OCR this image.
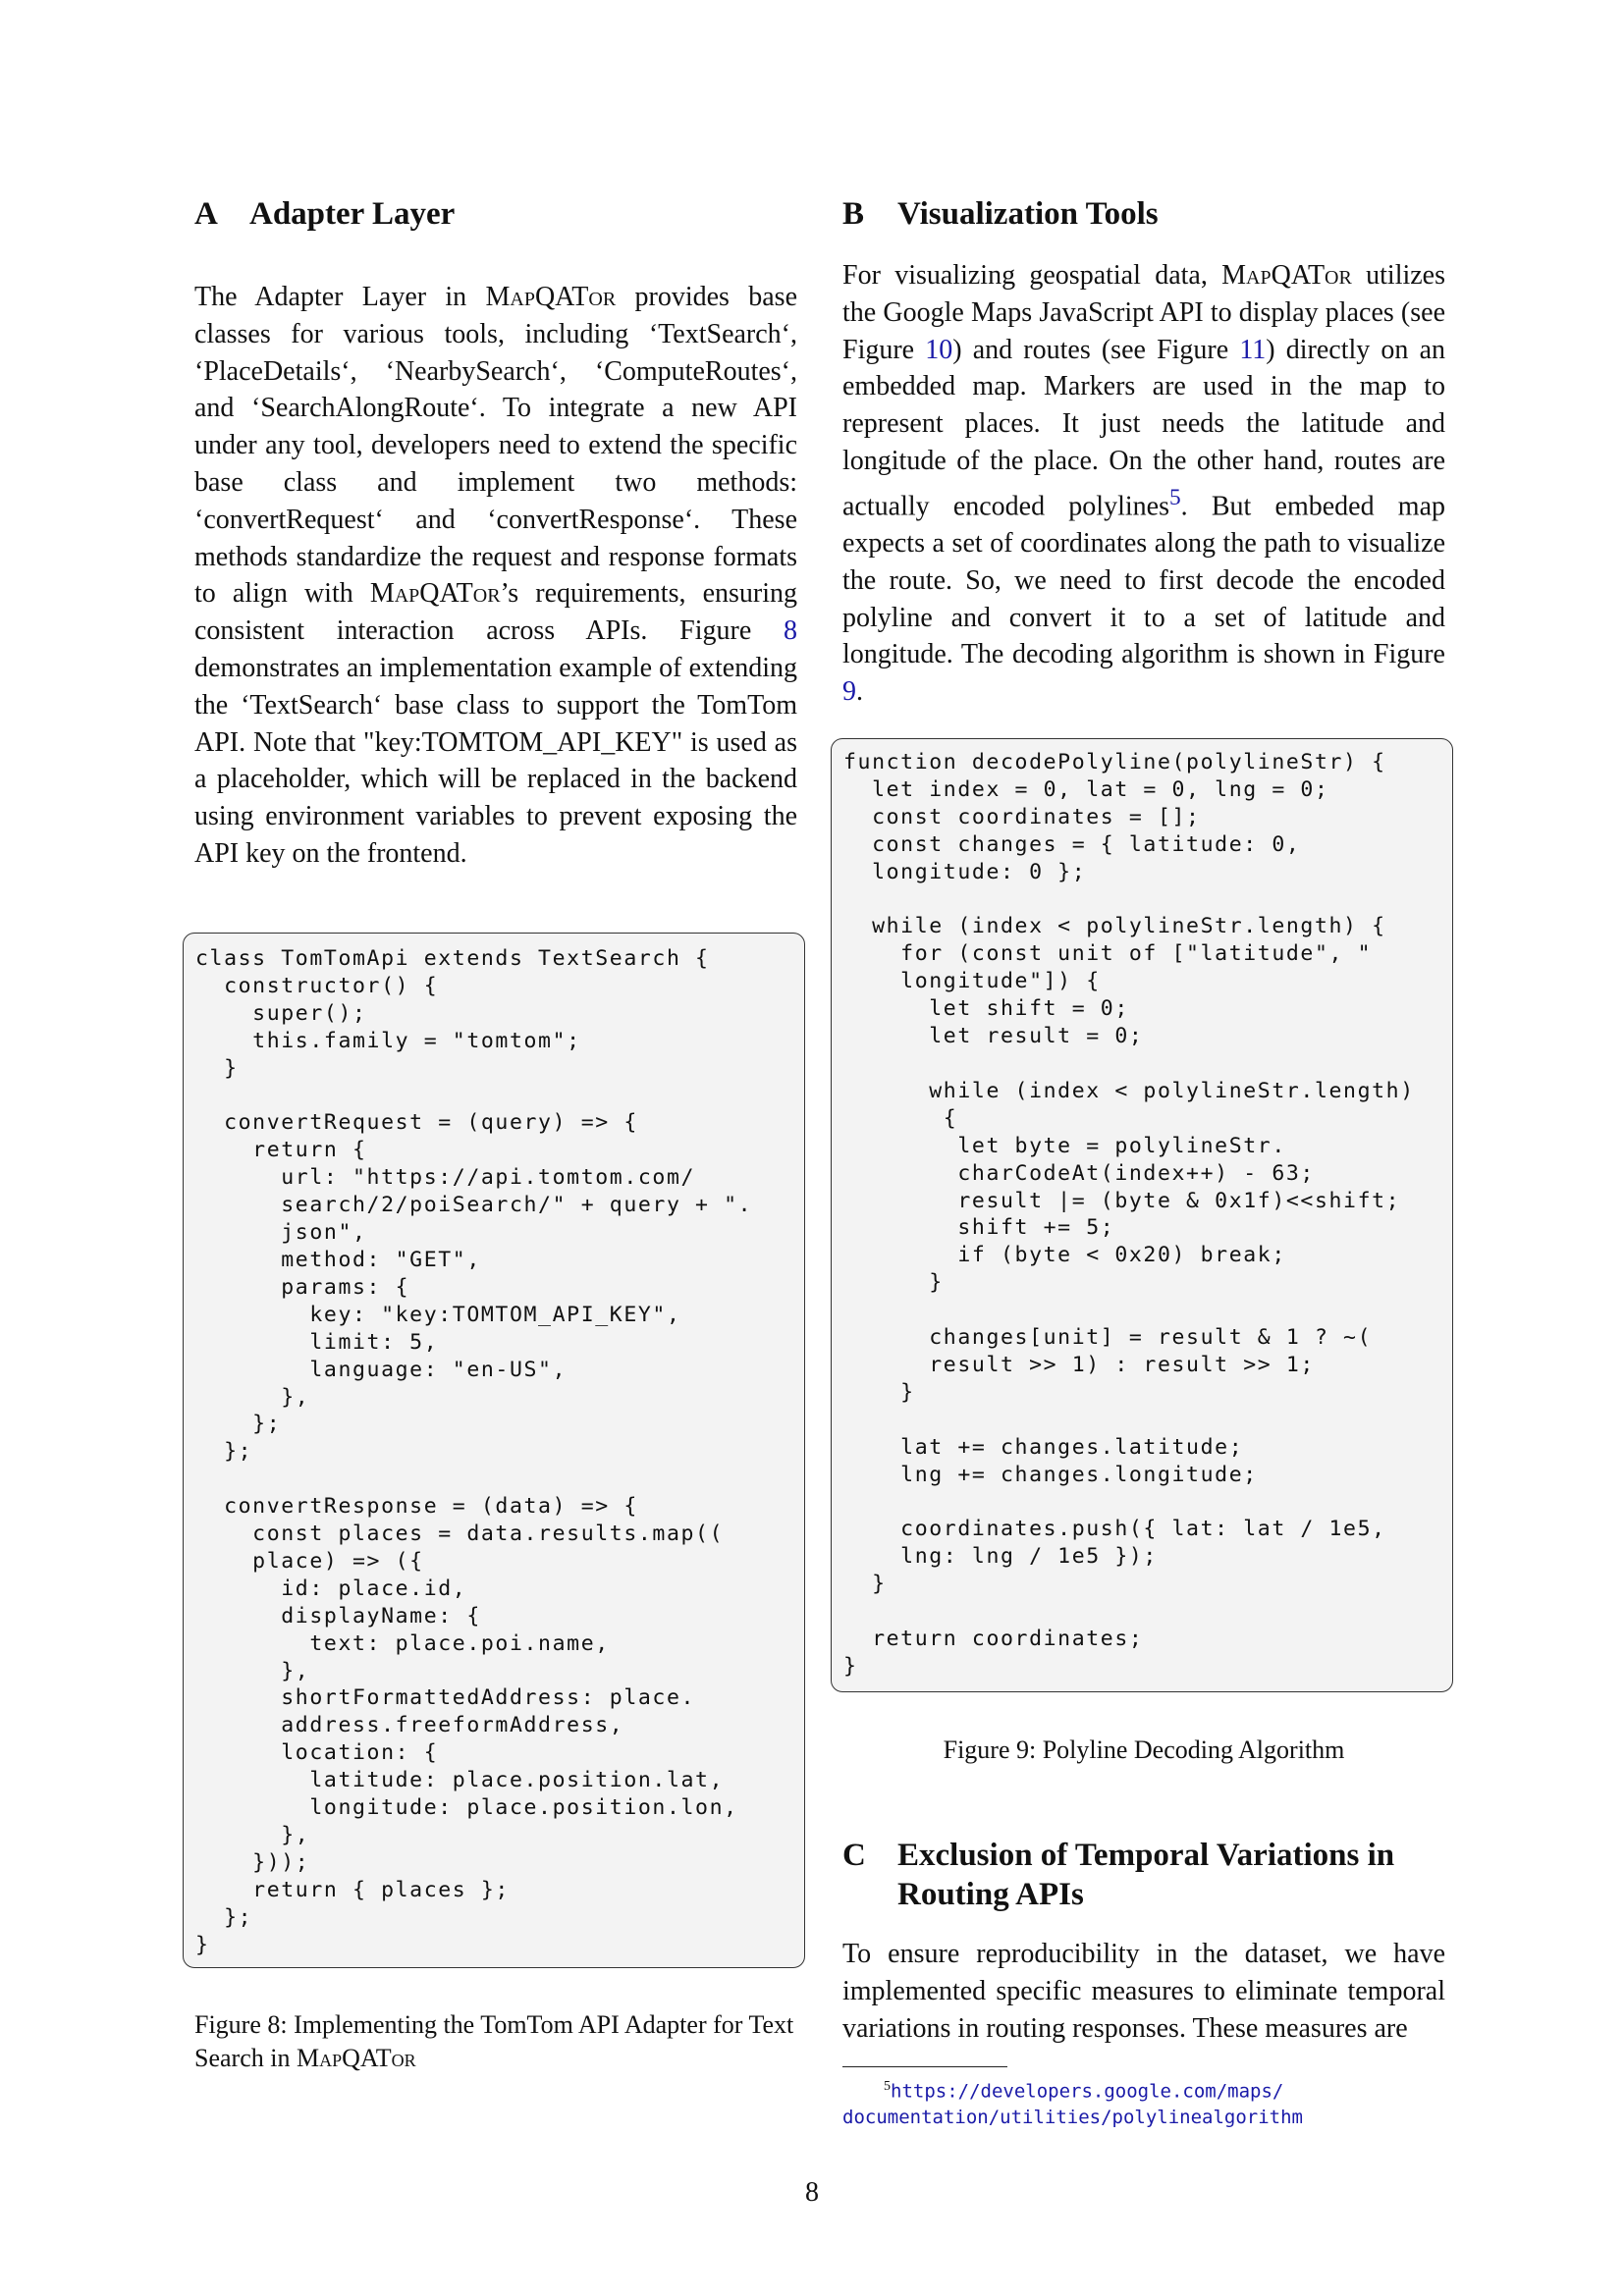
A Adapter Layer

The Adapter Layer in MapQATor provides base classes for various tools, including ‘TextSearch‘, ‘PlaceDetails‘, ‘NearbySearch‘, ‘ComputeRoutes‘, and ‘SearchAlongRoute‘. To integrate a new API under any tool, developers need to extend the specific base class and implement two methods: ‘convertRequest‘ and ‘convertResponse‘. These methods standardize the request and response formats to align with MapQATor’s requirements, ensuring consistent interaction across APIs. Figure 8 demonstrates an implementation example of extending the ‘TextSearch‘ base class to support the TomTom API. Note that "key:TOMTOM_API_KEY" is used as a placeholder, which will be replaced in the backend using environment variables to prevent exposing the API key on the frontend.

class TomTomApi extends TextSearch {
constructor() {
super();
this.family = "tomtom";
}

convertRequest = (query) => {
return {
url: "https://api.tomtom.com/
search/2/poiSearch/" + query + ".
json",
method: "GET",
params: {
key: "key:TOMTOM_API_KEY",
limit: 5,
language: "en-US",
},
};
};

convertResponse = (data) => {
const places = data.results.map((
place) => ({
id: place.id,
displayName: {
text: place.poi.name,
},
shortFormattedAddress: place.
address.freeformAddress,
location: {
latitude: place.position.lat,
longitude: place.position.lon,
},
}));
return { places };
};
}

Figure 8: Implementing the TomTom API Adapter for Text Search in MapQATor

B Visualization Tools

For visualizing geospatial data, MapQATor utilizes the Google Maps JavaScript API to display places (see Figure 10) and routes (see Figure 11) directly on an embedded map. Markers are used in the map to represent places. It just needs the latitude and longitude of the place. On the other hand, routes are actually encoded polylines$^5$. But embeded map expects a set of coordinates along the path to visualize the route. So, we need to first decode the encoded polyline and convert it to a set of latitude and longitude. The decoding algorithm is shown in Figure 9.

function decodePolyline(polylineStr) {
let index = 0, lat = 0, lng = 0;
const coordinates = [];
const changes = { latitude: 0,
longitude: 0 };

while (index < polylineStr.length) {
for (const unit of ["latitude", "
longitude"]) {
let shift = 0;
let result = 0;

while (index < polylineStr.length)
{
let byte = polylineStr.
charCodeAt(index++) - 63;
result |= (byte & 0x1f)<<shift;
shift += 5;
if (byte < 0x20) break;
}

changes[unit] = result & 1 ? ~(
result >> 1) : result >> 1;
}

lat += changes.latitude;
lng += changes.longitude;

coordinates.push({ lat: lat / 1e5,
lng: lng / 1e5 });
}

return coordinates;
}

Figure 9: Polyline Decoding Algorithm

C Exclusion of Temporal Variations in
Routing APIs

To ensure reproducibility in the dataset, we have implemented specific measures to eliminate temporal variations in routing responses. These measures are

$^5$https://developers.google.com/maps/
documentation/utilities/polylinealgorithm

8
